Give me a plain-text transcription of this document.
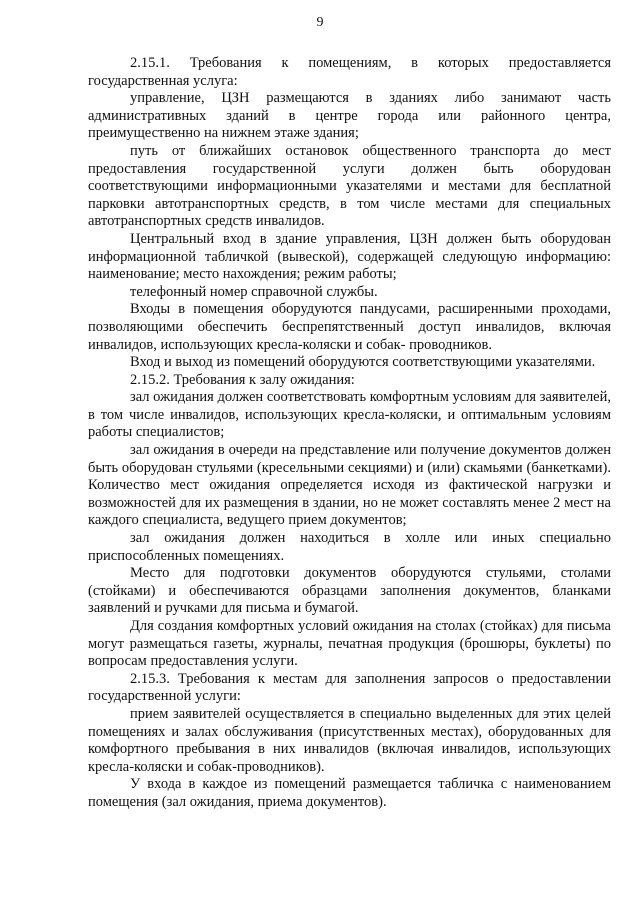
9

2.15.1. Требования к помещениям, в которых предоставляется государственная услуга:

управление, ЦЗН размещаются в зданиях либо занимают часть административных зданий в центре города или районного центра, преимущественно на нижнем этаже здания;

путь от ближайших остановок общественного транспорта до мест предоставления государственной услуги должен быть оборудован соответствующими информационными указателями и местами для бесплатной парковки автотранспортных средств, в том числе местами для специальных автотранспортных средств инвалидов.

Центральный вход в здание управления, ЦЗН должен быть оборудован информационной табличкой (вывеской), содержащей следующую информацию: наименование; место нахождения; режим работы;

телефонный номер справочной службы.

Входы в помещения оборудуются пандусами, расширенными проходами, позволяющими обеспечить беспрепятственный доступ инвалидов, включая инвалидов, использующих кресла-коляски и собак- проводников.

Вход и выход из помещений оборудуются соответствующими указателями.

2.15.2. Требования к залу ожидания:

зал ожидания должен соответствовать комфортным условиям для заявителей, в том числе инвалидов, использующих кресла-коляски, и оптимальным условиям работы специалистов;

зал ожидания в очереди на представление или получение документов должен быть оборудован стульями (кресельными секциями) и (или) скамьями (банкетками). Количество мест ожидания определяется исходя из фактической нагрузки и возможностей для их размещения в здании, но не может составлять менее 2 мест на каждого специалиста, ведущего прием документов;

зал ожидания должен находиться в холле или иных специально приспособленных помещениях.

Место для подготовки документов оборудуются стульями, столами (стойками) и обеспечиваются образцами заполнения документов, бланками заявлений и ручками для письма и бумагой.

Для создания комфортных условий ожидания на столах (стойках) для письма могут размещаться газеты, журналы, печатная продукция (брошюры, буклеты) по вопросам предоставления услуги.

2.15.3. Требования к местам для заполнения запросов о предоставлении государственной услуги:

прием заявителей осуществляется в специально выделенных для этих целей помещениях и залах обслуживания (присутственных местах), оборудованных для комфортного пребывания в них инвалидов (включая инвалидов, использующих кресла-коляски и собак-проводников).

У входа в каждое из помещений размещается табличка с наименованием помещения (зал ожидания, приема документов).
